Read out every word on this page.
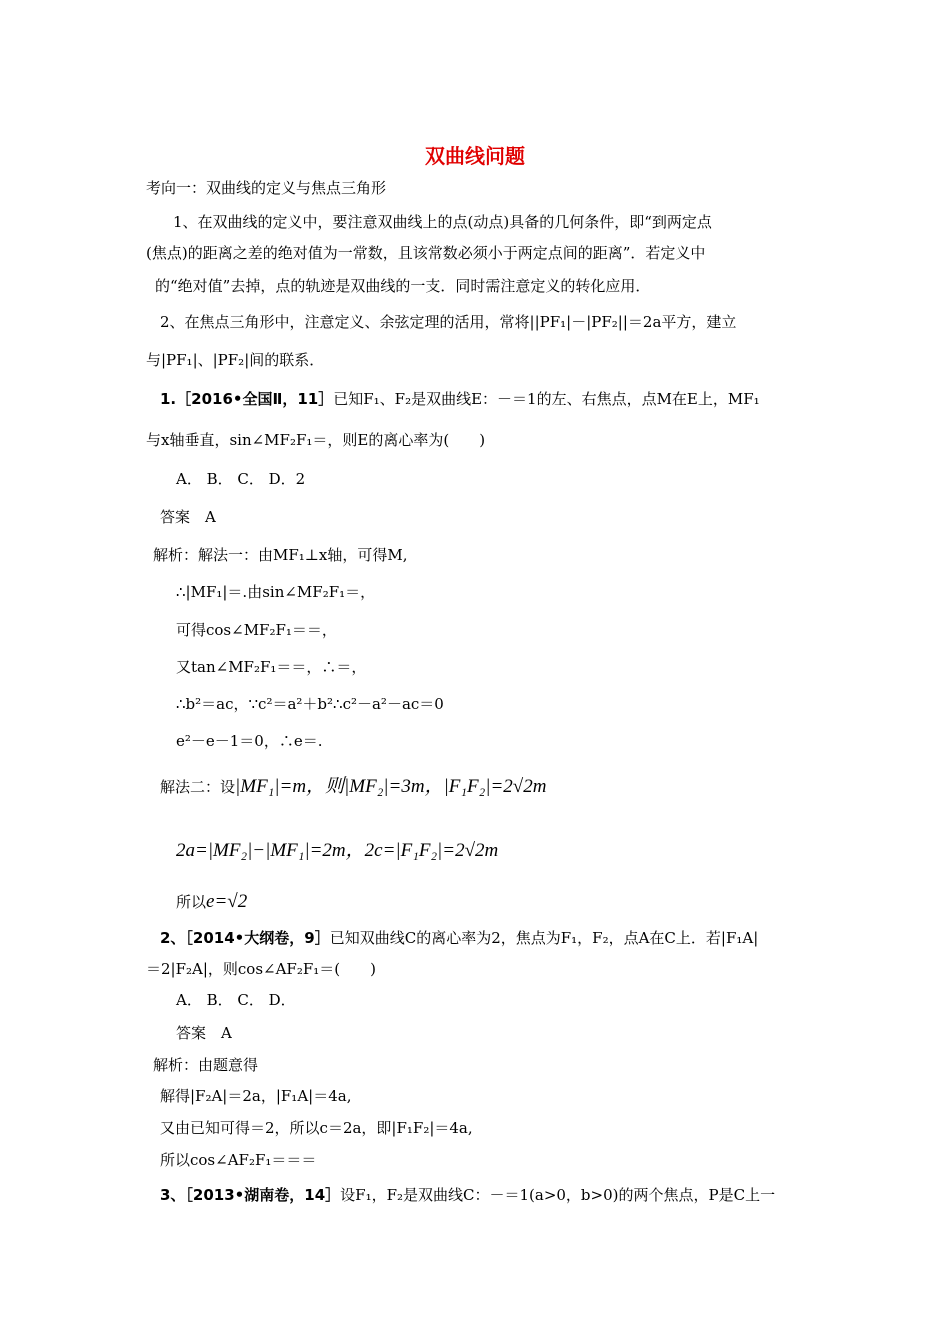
双曲线问题
考向一：双曲线的定义与焦点三角形
1、在双曲线的定义中，要注意双曲线上的点(动点)具备的几何条件，即“到两定点
(焦点)的距离之差的绝对值为一常数，且该常数必须小于两定点间的距离”．若定义中
的“绝对值”去掉，点的轨迹是双曲线的一支．同时需注意定义的转化应用．
2、在焦点三角形中，注意定义、余弦定理的活用，常将||PF₁|－|PF₂||＝2a平方，建立
与|PF₁|、|PF₂|间的联系．
1.［2016•全国Ⅱ，11］已知F₁、F₂是双曲线E：－＝1的左、右焦点，点M在E上，MF₁
与x轴垂直，sin∠MF₂F₁＝，则E的离心率为(　　)
A． B． C． D．2
答案　A
解析：解法一：由MF₁⊥x轴，可得M,
∴|MF₁|＝.由sin∠MF₂F₁＝，
可得cos∠MF₂F₁＝＝，
又tan∠MF₂F₁＝＝，∴＝，
∴b²＝ac，∵c²＝a²＋b²∴c²－a²－ac＝0
e²－e－1＝0，∴e＝.
解法二：设|MF₁|=m，则|MF₂|=3m，|F₁F₂|=2√2m
2a=|MF₂|−|MF₁|=2m，2c=|F₁F₂|=2√2m
所以e=√2
2、［2014•大纲卷，9］已知双曲线C的离心率为2，焦点为F₁，F₂，点A在C上．若|F₁A|
＝2|F₂A|，则cos∠AF₂F₁＝(　　)
A． B． C． D．
答案　A
解析：由题意得
解得|F₂A|＝2a，|F₁A|＝4a,
又由已知可得＝2，所以c＝2a，即|F₁F₂|＝4a,
所以cos∠AF₂F₁＝＝＝
3、［2013•湖南卷，14］设F₁，F₂是双曲线C：－＝1(a>0，b>0)的两个焦点，P是C上一
